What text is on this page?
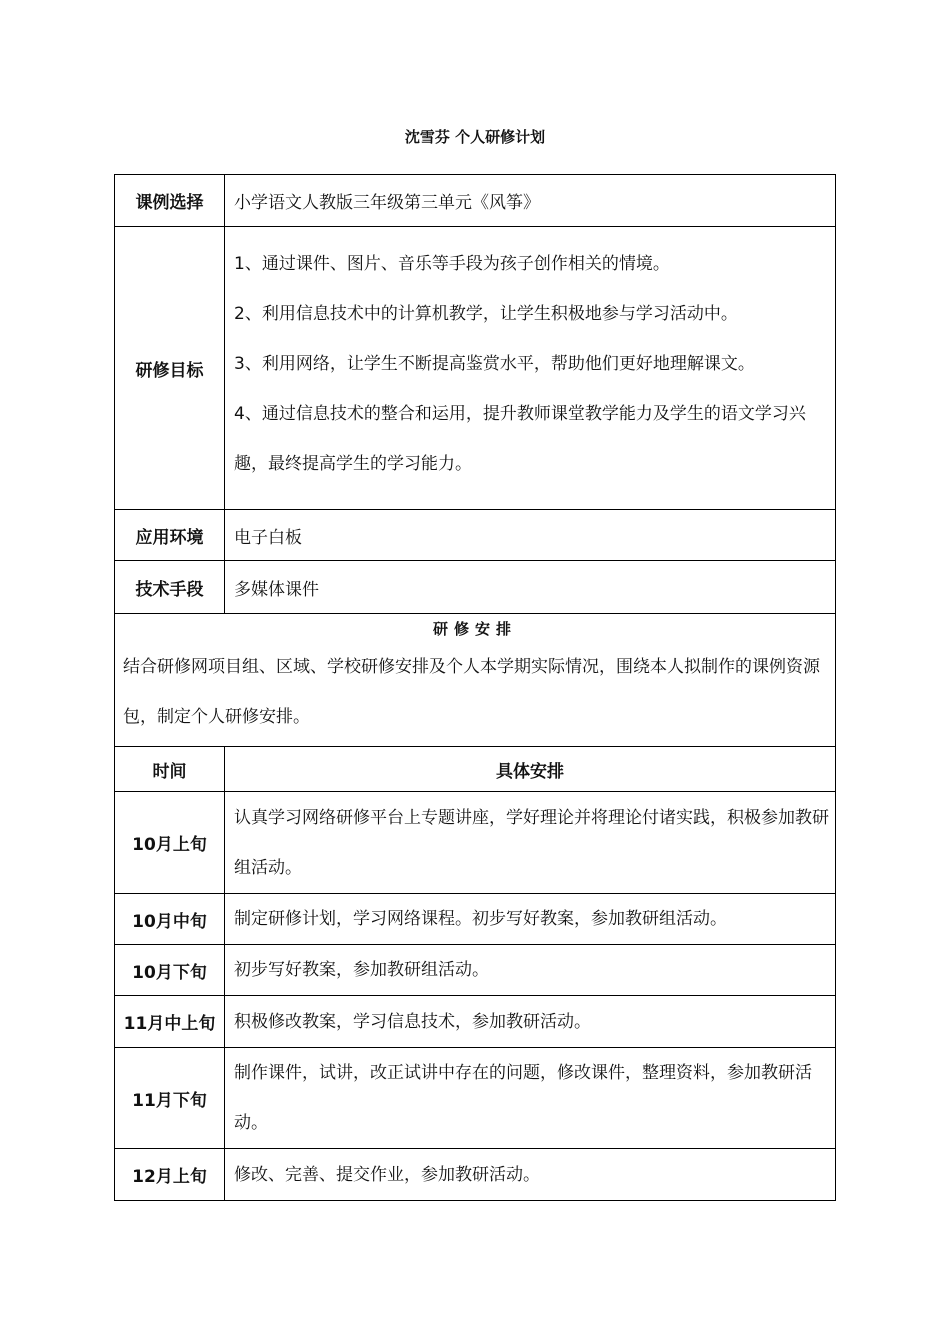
沈雪芬 个人研修计划
课例选择	小学语文人教版三年级第三单元《风筝》
研修目标	1、通过课件、图片、音乐等手段为孩子创作相关的情境。

2、利用信息技术中的计算机教学，让学生积极地参与学习活动中。

3、利用网络，让学生不断提高鉴赏水平，帮助他们更好地理解课文。

4、通过信息技术的整合和运用，提升教师课堂教学能力及学生的语文学习兴趣，最终提高学生的学习能力。

应用环境	电子白板
技术手段	多媒体课件

研修安排
结合研修网项目组、区域、学校研修安排及个人本学期实际情况，围绕本人拟制作的课例资源包，制定个人研修安排。	

时间	具体安排
10月上旬	认真学习网络研修平台上专题讲座，学好理论并将理论付诸实践，积极参加教研组活动。
10月中旬	制定研修计划，学习网络课程。初步写好教案，参加教研组活动。
10月下旬	初步写好教案，参加教研组活动。
11月中上旬	积极修改教案，学习信息技术，参加教研活动。
11月下旬	制作课件，试讲，改正试讲中存在的问题，修改课件，整理资料，参加教研活动。
12月上旬	修改、完善、提交作业，参加教研活动。
